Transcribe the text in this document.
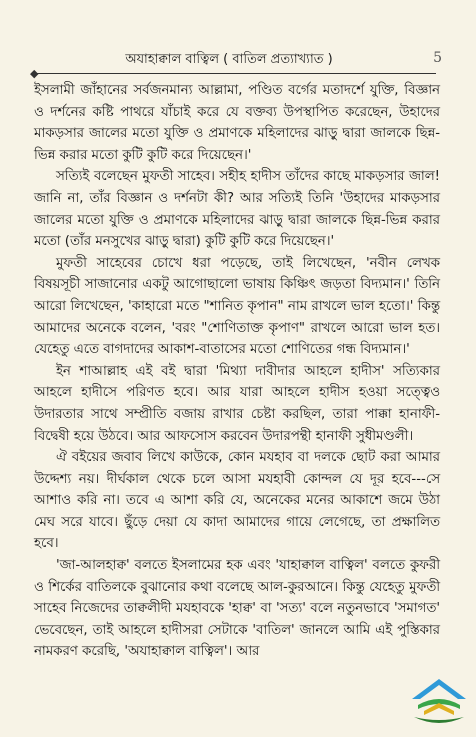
অযাহাক্বাল বাত্বিল ( বাতিল প্রত্যাখ্যাত )	5
◆

ইসলামী জাঁহানের সর্বজনমান্য আল্লামা, পণ্ডিত বর্গের মতাদর্শে যুক্তি, বিজ্ঞান ও দর্শনের কষ্টি পাথরে যাঁচাই করে যে বক্তব্য উপস্থাপিত করেছেন, উহাদের মাকড়সার জালের মতো যুক্তি ও প্রমাণকে মহিলাদের ঝাড়ু দ্বারা জালকে ছিন্ন-ভিন্ন করার মতো কুটি কুটি করে দিয়েছেন।'

সত্যিই বলেছেন মুফতী সাহেব। সহীহ হাদীস তাঁদের কাছে মাকড়সার জাল! জানি না, তাঁর বিজ্ঞান ও দর্শনটা কী? আর সত্যিই তিনি 'উহাদের মাকড়সার জালের মতো যুক্তি ও প্রমাণকে মহিলাদের ঝাড়ু দ্বারা জালকে ছিন্ন-ভিন্ন করার মতো (তাঁর মনসুখের ঝাড়ু দ্বারা) কুটি কুটি করে দিয়েছেন।'

মুফতী সাহেবের চোখে ধরা পড়েছে, তাই লিখেছেন, 'নবীন লেখক বিষয়সূচী সাজানোর একটু আগোছালো ভাষায় কিঞ্চিৎ জড়তা বিদ্যমান।' তিনি আরো লিখেছেন, 'কাহারো মতে "শানিত কৃপান" নাম রাখলে ভাল হতো।' কিন্তু আমাদের অনেকে বলেন, 'বরং "শোণিতাক্ত কৃপাণ" রাখলে আরো ভাল হত। যেহেতু এতে বাগদাদের আকাশ-বাতাসের মতো শোণিতের গন্ধ বিদ্যমান।'

ইন শাআল্লাহ এই বই দ্বারা 'মিথ্যা দাবীদার আহলে হাদীস' সত্যিকার আহলে হাদীসে পরিণত হবে। আর যারা আহলে হাদীস হওয়া সত্ত্বেও উদারতার সাথে সম্প্রীতি বজায় রাখার চেষ্টা করছিল, তারা পাক্কা হানাফী-বিদ্বেষী হয়ে উঠবে। আর আফসোস করবেন উদারপন্থী হানাফী সুধীমণ্ডলী।

ঐ বইয়ের জবাব লিখে কাউকে, কোন মযহাব বা দলকে ছোট করা আমার উদ্দেশ্য নয়। দীর্ঘকাল থেকে চলে আসা মযহাবী কোন্দল যে দূর হবে---সে আশাও করি না। তবে এ আশা করি যে, অনেকের মনের আকাশে জমে উঠা মেঘ সরে যাবে। ছুঁড়ে দেয়া যে কাদা আমাদের গায়ে লেগেছে, তা প্রক্ষালিত হবে।

'জা-আলহাক্ব' বলতে ইসলামের হক এবং 'যাহাক্বাল বাত্বিল' বলতে কুফরী ও শির্কের বাতিলকে বুঝানোর কথা বলেছে আল-কুরআনে। কিন্তু যেহেতু মুফতী সাহেব নিজেদের তাক্বলীদী মযহাবকে 'হাক্ব' বা 'সত্য' বলে নতুনভাবে 'সমাগত' ভেবেছেন, তাই আহলে হাদীসরা সেটাকে 'বাতিল' জানলে আমি এই পুস্তিকার নামকরণ করেছি, 'অযাহাক্বাল বাত্বিল'। আর
